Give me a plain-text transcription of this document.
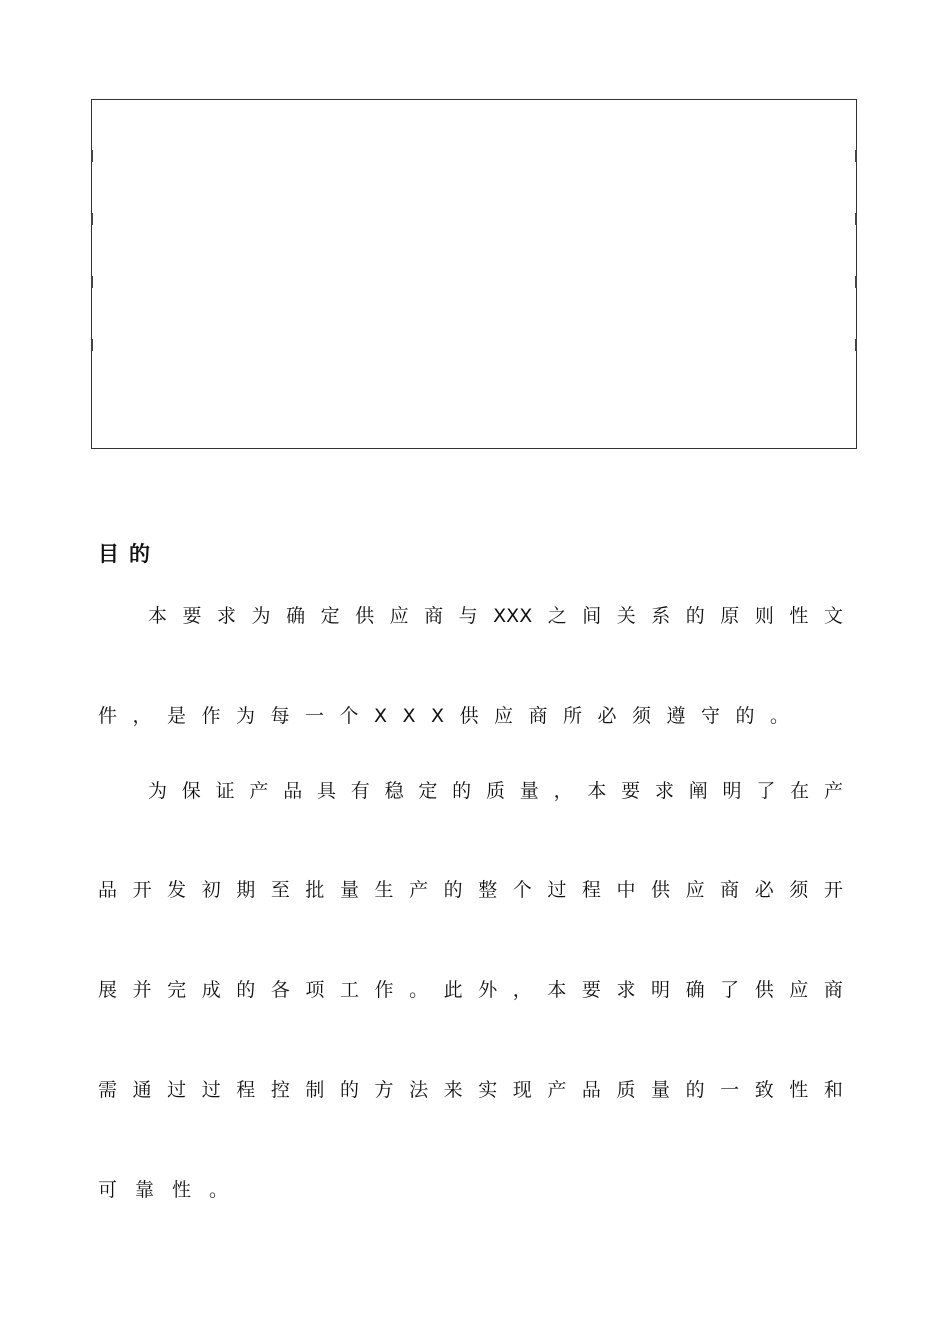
目的
本 要 求 为 确 定 供 应 商 与 XXX 之 间 关 系 的 原 则 性 文
件，是作为每一个XXX供应商所必须遵守的。
为 保 证 产 品 具 有 稳 定 的 质 量 ， 本 要 求 阐 明 了 在 产
品 开 发 初 期 至 批 量 生 产 的 整 个 过 程 中 供 应 商 必 须 开
展 并 完 成 的 各 项 工 作 。 此 外 ， 本 要 求 明 确 了 供 应 商
需 通 过 过 程 控 制 的 方 法 来 实 现 产 品 质 量 的 一 致 性 和
可靠性。
